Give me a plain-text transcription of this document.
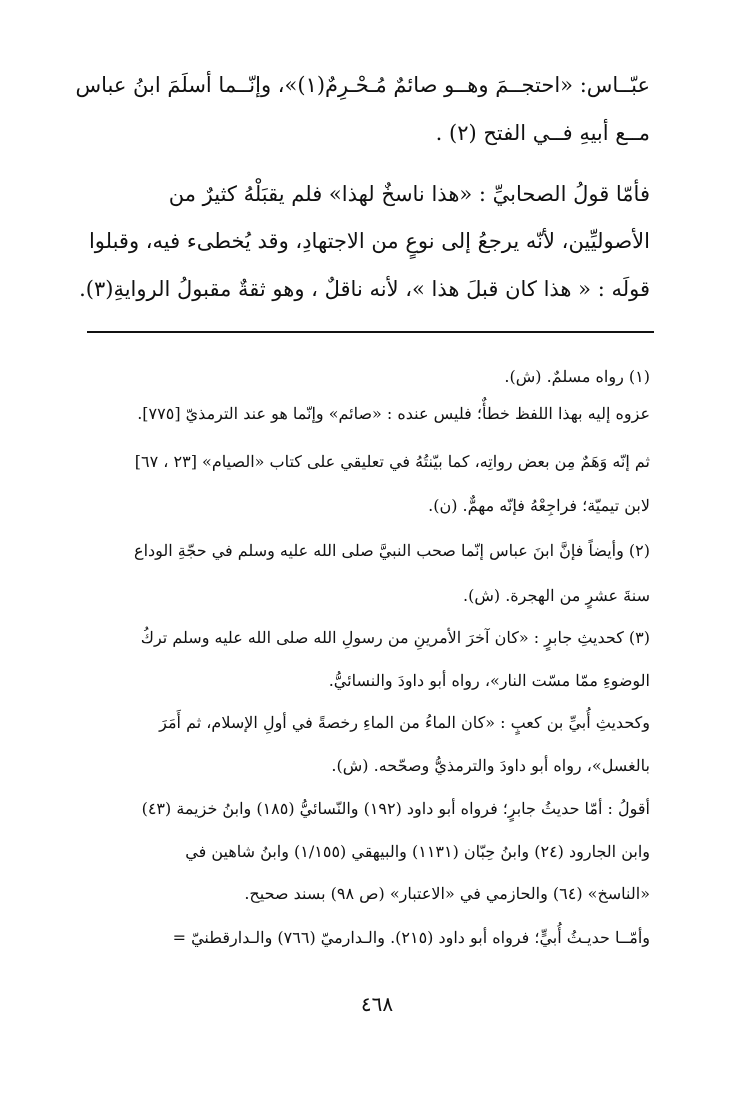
عبّــاس: «احتجــمَ وهــو صائمٌ مُـحْـرِمٌ(١)»، وإنّــما أسلَمَ ابنُ عباس
مــع أبيهِ فــي الفتح (٢) .
فأمّا قولُ الصحابيِّ : «هذا ناسخٌ لهذا» فلم يقبَلْهُ كثيرٌ من
الأصوليِّين، لأنّه يرجعُ إلى نوعٍ من الاجتهادِ، وقد يُخطىء فيه، وقبلوا
قولَه : « هذا كان قبلَ هذا »، لأنه ناقلٌ ، وهو ثقةٌ مقبولُ الروايةِ(٣).
(١) رواه مسلمٌ. (ش).
عزوه إليه بهذا اللفظ خطأٌ؛ فليس عنده : «صائم» وإنّما هو عند الترمذيّ [٧٧٥].
ثم إنّه وَهَمٌ مِن بعض رواتِه، كما بيّنتُهُ في تعليقي على كتاب «الصيام» [٢٣ ، ٦٧]
لابن تيميّة؛ فراجِعْهُ فإنّه مهمٌّ. (ن).
(٢) وأيضاً فإنَّ ابنَ عباس إنّما صحب النبيَّ صلى الله عليه وسلم في حجّةِ الوداع
سنةَ عشرٍ من الهجرة. (ش).
(٣) كحديثِ جابرٍ : «كان آخرَ الأمرينِ من رسولِ الله صلى الله عليه وسلم تركُ
الوضوءِ ممّا مسّت النار»، رواه أبو داودَ والنسائيُّ.
وكحديثِ أُبيِّ بن كعبٍ : «كان الماءُ من الماءِ رخصةً في أولِ الإسلام، ثم أَمَرَ
بالغسل»، رواه أبو داودَ والترمذيُّ وصحّحه. (ش).
أقولُ : أمّا حديثُ جابرٍ؛ فرواه أبو داود (١٩٢) والنّسائيُّ (١٨٥) وابنُ خزيمة (٤٣)
وابن الجارود (٢٤) وابنُ حِبّان (١١٣١) والبيهقي (١/١٥٥) وابنُ شاهين في
«الناسخ» (٦٤) والحازمي في «الاعتبار» (ص ٩٨) بسند صحيح.
وأمّــا حديـثُ أُبيٍّ؛ فرواه أبو داود (٢١٥). والـدارميّ (٧٦٦) والـدارقطنيّ =
٤٦٨
